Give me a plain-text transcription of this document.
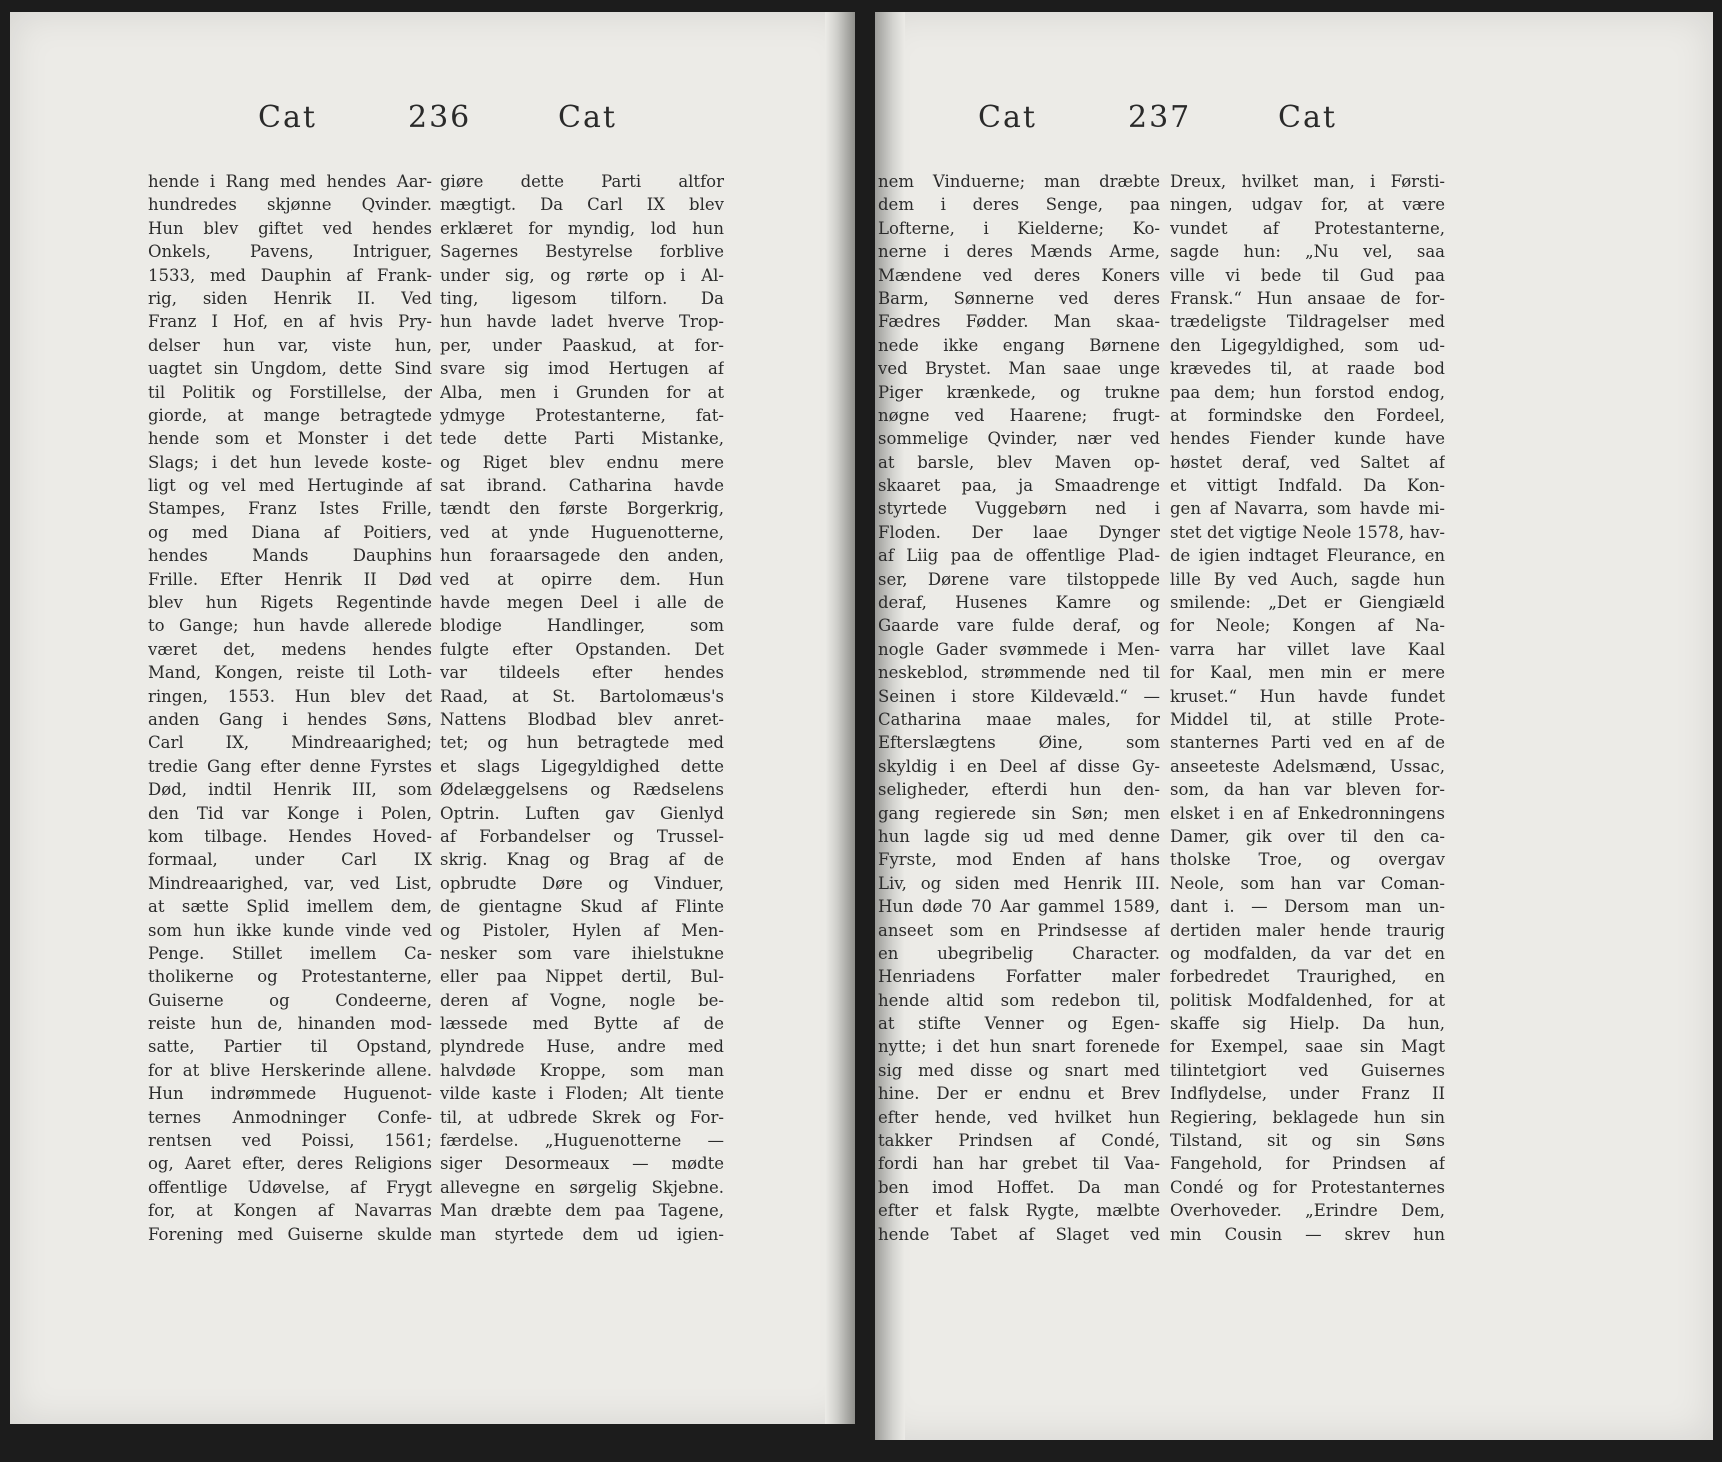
Cat	236	Cat
hende i Rang med hendes Aar-
hundredes skjønne Qvinder.
Hun blev giftet ved hendes
Onkels, Pavens, Intriguer,
1533, med Dauphin af Frank-
rig, siden Henrik II. Ved
Franz I Hof, en af hvis Pry-
delser hun var, viste hun,
uagtet sin Ungdom, dette Sind
til Politik og Forstillelse, der
giorde, at mange betragtede
hende som et Monster i det
Slags; i det hun levede koste-
ligt og vel med Hertuginde af
Stampes, Franz Istes Frille,
og med Diana af Poitiers,
hendes Mands Dauphins
Frille. Efter Henrik II Død
blev hun Rigets Regentinde
to Gange; hun havde allerede
været det, medens hendes
Mand, Kongen, reiste til Loth-
ringen, 1553. Hun blev det
anden Gang i hendes Søns,
Carl IX, Mindreaarighed;
tredie Gang efter denne Fyrstes
Død, indtil Henrik III, som
den Tid var Konge i Polen,
kom tilbage. Hendes Hoved-
formaal, under Carl IX
Mindreaarighed, var, ved List,
at sætte Splid imellem dem,
som hun ikke kunde vinde ved
Penge. Stillet imellem Ca-
tholikerne og Protestanterne,
Guiserne og Condeerne,
reiste hun de, hinanden mod-
satte, Partier til Opstand,
for at blive Herskerinde allene.
Hun indrømmede Huguenot-
ternes Anmodninger Confe-
rentsen ved Poissi, 1561;
og, Aaret efter, deres Religions
offentlige Udøvelse, af Frygt
for, at Kongen af Navarras
Forening med Guiserne skulde
giøre dette Parti altfor
mægtigt. Da Carl IX blev
erklæret for myndig, lod hun
Sagernes Bestyrelse forblive
under sig, og rørte op i Al-
ting, ligesom tilforn. Da
hun havde ladet hverve Trop-
per, under Paaskud, at for-
svare sig imod Hertugen af
Alba, men i Grunden for at
ydmyge Protestanterne, fat-
tede dette Parti Mistanke,
og Riget blev endnu mere
sat ibrand. Catharina havde
tændt den første Borgerkrig,
ved at ynde Huguenotterne,
hun foraarsagede den anden,
ved at opirre dem. Hun
havde megen Deel i alle de
blodige Handlinger, som
fulgte efter Opstanden. Det
var tildeels efter hendes
Raad, at St. Bartolomæus's
Nattens Blodbad blev anret-
tet; og hun betragtede med
et slags Ligegyldighed dette
Ødelæggelsens og Rædselens
Optrin. Luften gav Gienlyd
af Forbandelser og Trussel-
skrig. Knag og Brag af de
opbrudte Døre og Vinduer,
de gientagne Skud af Flinte
og Pistoler, Hylen af Men-
nesker som vare ihielstukne
eller paa Nippet dertil, Bul-
deren af Vogne, nogle be-
læssede med Bytte af de
plyndrede Huse, andre med
halvdøde Kroppe, som man
vilde kaste i Floden; Alt tiente
til, at udbrede Skrek og For-
færdelse. „Huguenotterne —
siger Desormeaux — mødte
allevegne en sørgelig Skjebne.
Man dræbte dem paa Tagene,
man styrtede dem ud igien-
Cat	237	Cat
nem Vinduerne; man dræbte
dem i deres Senge, paa
Lofterne, i Kielderne; Ko-
nerne i deres Mænds Arme,
Mændene ved deres Koners
Barm, Sønnerne ved deres
Fædres Fødder. Man skaa-
nede ikke engang Børnene
ved Brystet. Man saae unge
Piger krænkede, og trukne
nøgne ved Haarene; frugt-
sommelige Qvinder, nær ved
at barsle, blev Maven op-
skaaret paa, ja Smaadrenge
styrtede Vuggebørn ned i
Floden. Der laae Dynger
af Liig paa de offentlige Plad-
ser, Dørene vare tilstoppede
deraf, Husenes Kamre og
Gaarde vare fulde deraf, og
nogle Gader svømmede i Men-
neskeblod, strømmende ned til
Seinen i store Kildevæld.“ —
Catharina maae males, for
Efterslægtens Øine, som
skyldig i en Deel af disse Gy-
seligheder, efterdi hun den-
gang regierede sin Søn; men
hun lagde sig ud med denne
Fyrste, mod Enden af hans
Liv, og siden med Henrik III.
Hun døde 70 Aar gammel 1589,
anseet som en Prindsesse af
en ubegribelig Character.
Henriadens Forfatter maler
hende altid som redebon til,
at stifte Venner og Egen-
nytte; i det hun snart forenede
sig med disse og snart med
hine. Der er endnu et Brev
efter hende, ved hvilket hun
takker Prindsen af Condé,
fordi han har grebet til Vaa-
ben imod Hoffet. Da man
efter et falsk Rygte, mælbte
hende Tabet af Slaget ved
Dreux, hvilket man, i Førsti-
ningen, udgav for, at være
vundet af Protestanterne,
sagde hun: „Nu vel, saa
ville vi bede til Gud paa
Fransk.“ Hun ansaae de for-
trædeligste Tildragelser med
den Ligegyldighed, som ud-
krævedes til, at raade bod
paa dem; hun forstod endog,
at formindske den Fordeel,
hendes Fiender kunde have
høstet deraf, ved Saltet af
et vittigt Indfald. Da Kon-
gen af Navarra, som havde mi-
stet det vigtige Neole 1578, hav-
de igien indtaget Fleurance, en
lille By ved Auch, sagde hun
smilende: „Det er Giengiæld
for Neole; Kongen af Na-
varra har villet lave Kaal
for Kaal, men min er mere
kruset.“ Hun havde fundet
Middel til, at stille Prote-
stanternes Parti ved en af de
anseeteste Adelsmænd, Ussac,
som, da han var bleven for-
elsket i en af Enkedronningens
Damer, gik over til den ca-
tholske Troe, og overgav
Neole, som han var Coman-
dant i. — Dersom man un-
dertiden maler hende traurig
og modfalden, da var det en
forbedredet Traurighed, en
politisk Modfaldenhed, for at
skaffe sig Hielp. Da hun,
for Exempel, saae sin Magt
tilintetgiort ved Guisernes
Indflydelse, under Franz II
Regiering, beklagede hun sin
Tilstand, sit og sin Søns
Fangehold, for Prindsen af
Condé og for Protestanternes
Overhoveder. „Erindre Dem,
min Cousin — skrev hun
